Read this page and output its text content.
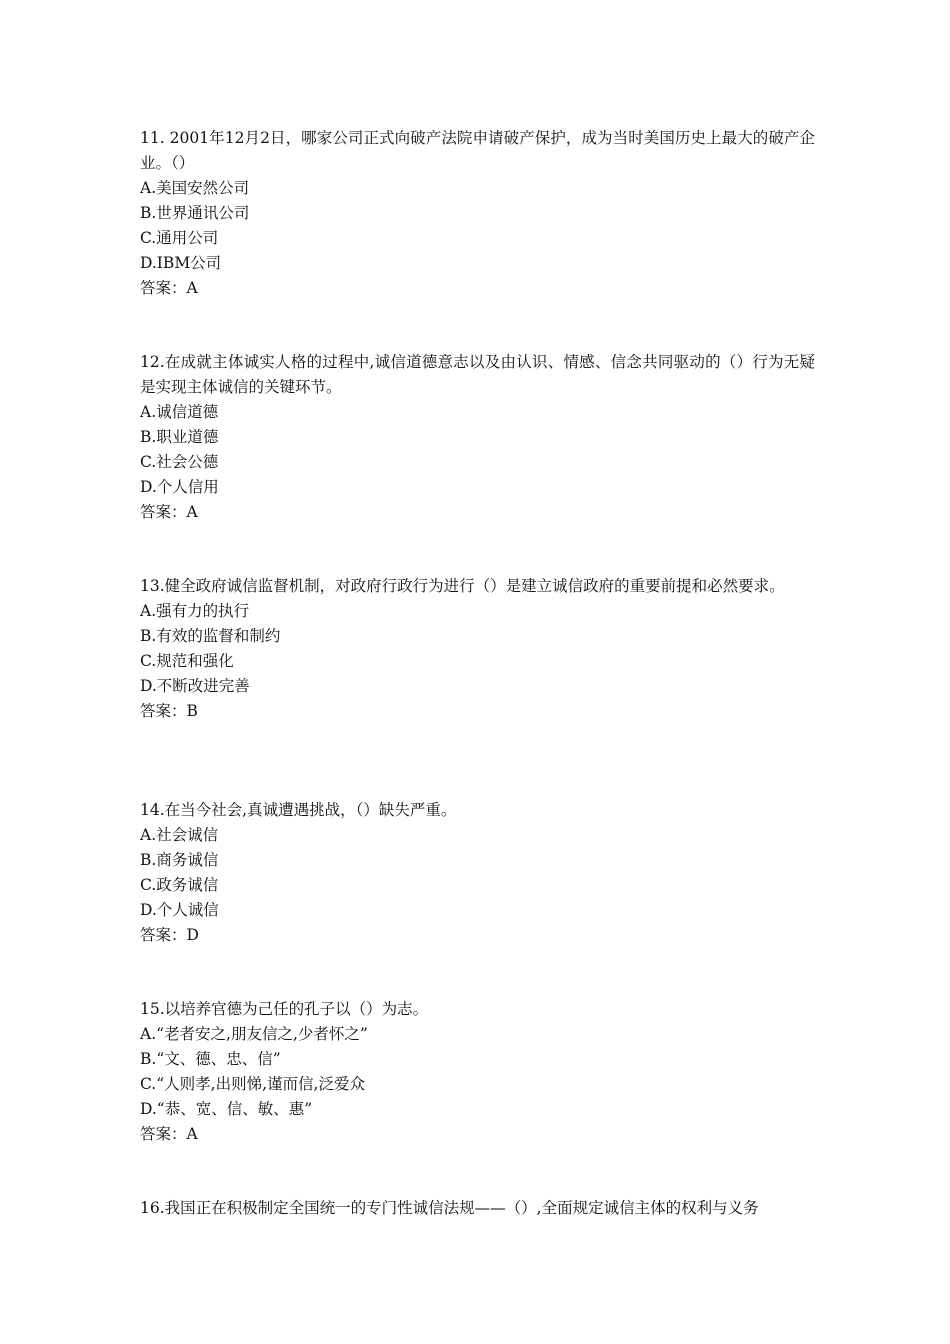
11. 2001年12月2日，哪家公司正式向破产法院申请破产保护，成为当时美国历史上最大的破产企业。（）
A.美国安然公司
B.世界通讯公司
C.通用公司
D.IBM公司
答案：A
12.在成就主体诚实人格的过程中,诚信道德意志以及由认识、情感、信念共同驱动的（）行为无疑是实现主体诚信的关键环节。
A.诚信道德
B.职业道德
C.社会公德
D.个人信用
答案：A
13.健全政府诚信监督机制，对政府行政行为进行（）是建立诚信政府的重要前提和必然要求。
A.强有力的执行
B.有效的监督和制约
C.规范和强化
D.不断改进完善
答案：B
14.在当今社会,真诚遭遇挑战，（）缺失严重。
A.社会诚信
B.商务诚信
C.政务诚信
D.个人诚信
答案：D
15.以培养官德为己任的孔子以（）为志。
A.“老者安之,朋友信之,少者怀之”
B.“文、德、忠、信”
C.“人则孝,出则悌,谨而信,泛爱众
D.“恭、宽、信、敏、惠”
答案：A
16.我国正在积极制定全国统一的专门性诚信法规——（）,全面规定诚信主体的权利与义务
